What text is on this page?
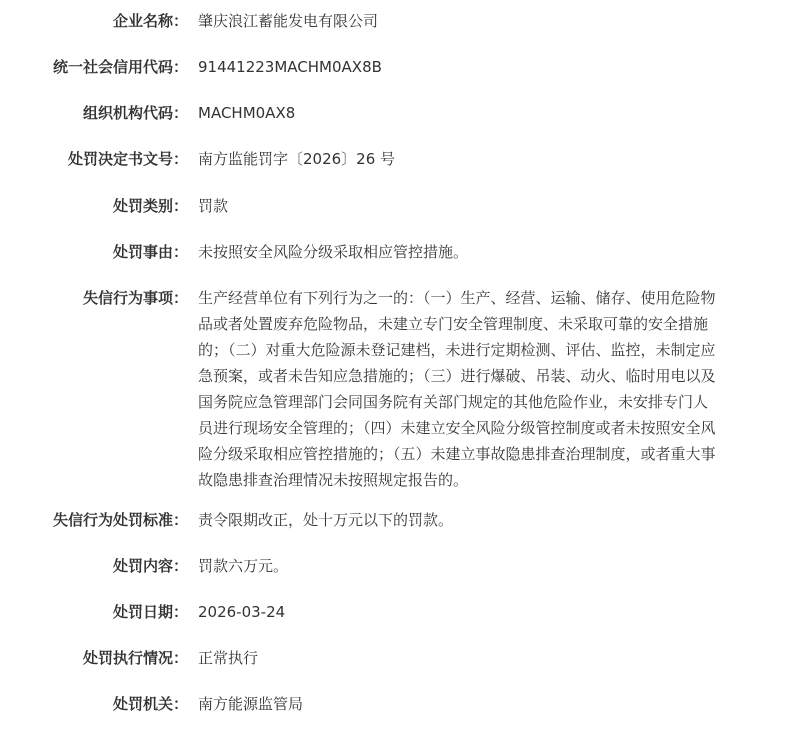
企业名称： 肇庆浪江蓄能发电有限公司
统一社会信用代码： 91441223MACHM0AX8B
组织机构代码： MACHM0AX8
处罚决定书文号： 南方监能罚字〔2026〕26 号
处罚类别： 罚款
处罚事由： 未按照安全风险分级采取相应管控措施。
失信行为事项： 生产经营单位有下列行为之一的：（一）生产、经营、运输、储存、使用危险物品或者处置废弃危险物品，未建立专门安全管理制度、未采取可靠的安全措施的；（二）对重大危险源未登记建档，未进行定期检测、评估、监控，未制定应急预案，或者未告知应急措施的；（三）进行爆破、吊装、动火、临时用电以及国务院应急管理部门会同国务院有关部门规定的其他危险作业，未安排专门人员进行现场安全管理的；（四）未建立安全风险分级管控制度或者未按照安全风险分级采取相应管控措施的；（五）未建立事故隐患排查治理制度，或者重大事故隐患排查治理情况未按照规定报告的。
失信行为处罚标准： 责令限期改正，处十万元以下的罚款。
处罚内容： 罚款六万元。
处罚日期： 2026-03-24
处罚执行情况： 正常执行
处罚机关： 南方能源监管局
